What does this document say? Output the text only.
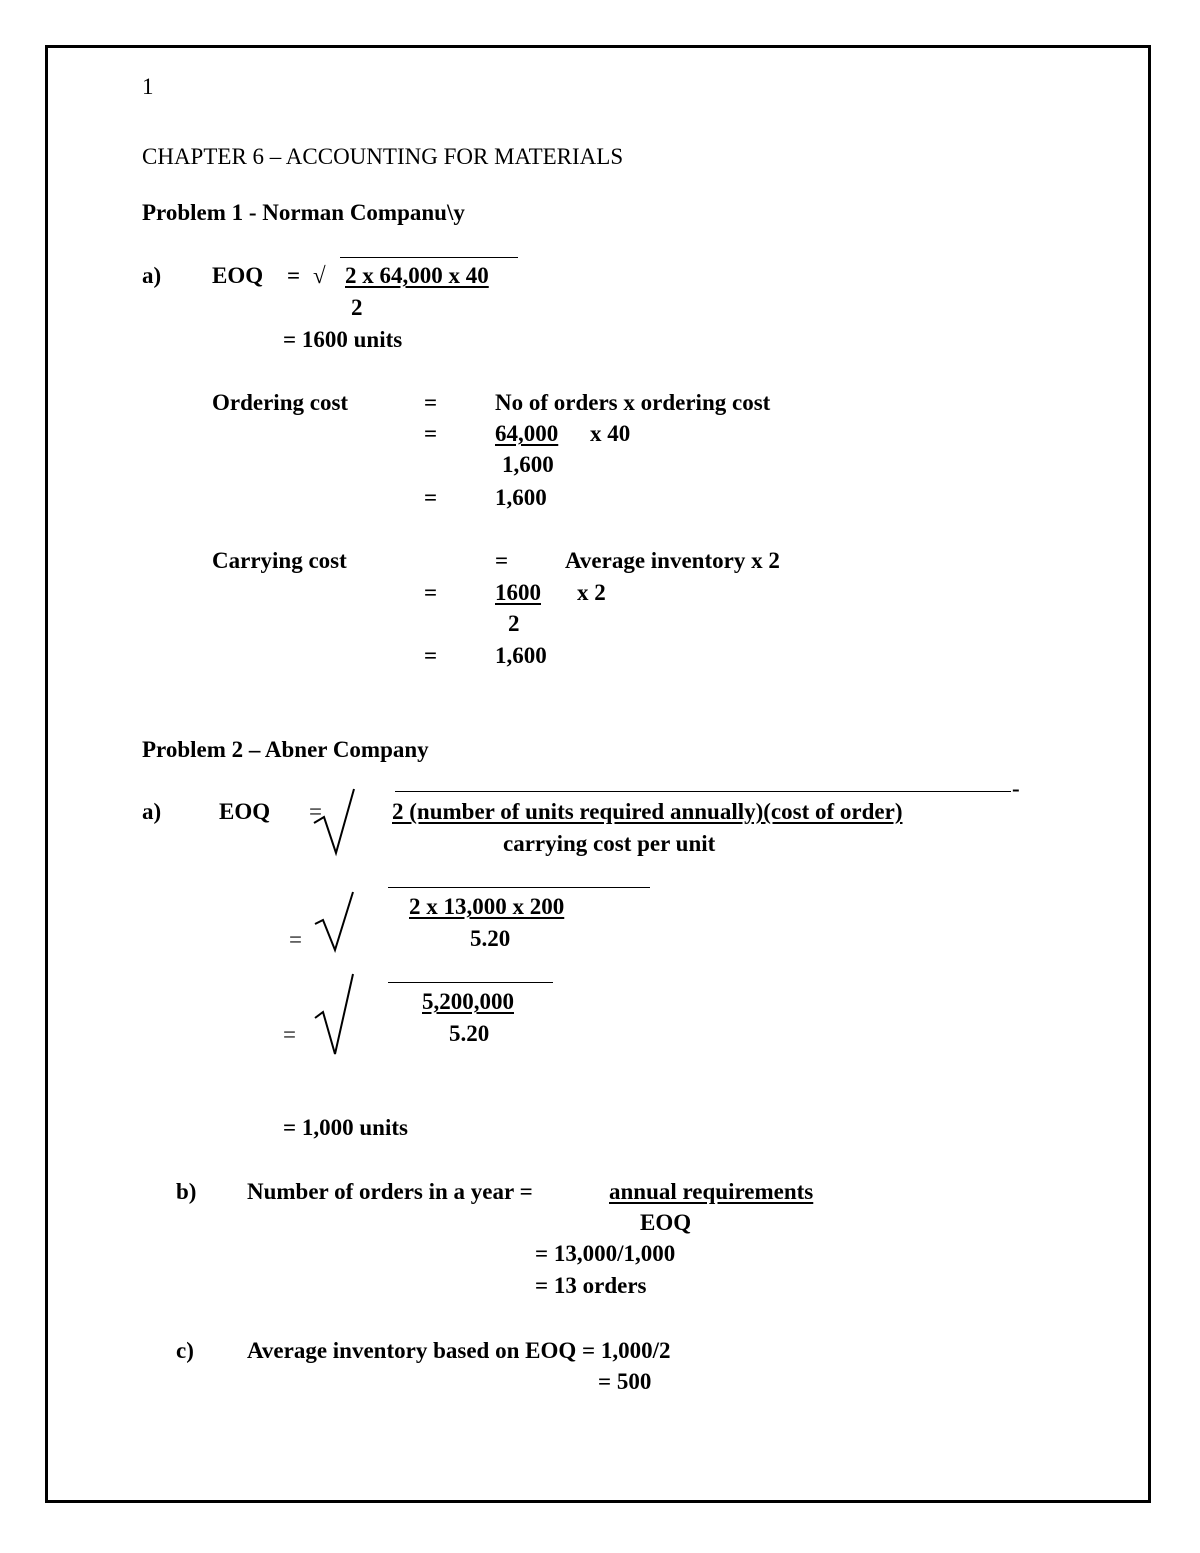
1
CHAPTER 6 – ACCOUNTING FOR MATERIALS
Problem 1 - Norman Companu\y
a) EOQ = √ 2 x 64,000 x 40
2
= 1600 units
Ordering cost	=	No of orders x ordering cost
=	64,000 x 40
1,600
=	1,600
Carrying cost	= Average inventory x 2
=	1600 x 2
2
=	1,600
Problem 2 – Abner Company
a)	EOQ =
-
2 (number of units required annually)(cost of order)
carrying cost per unit
=
2 x 13,000 x 200
5.20
=
5,200,000
5.20
= 1,000 units
b) Number of orders in a year =	annual requirements
EOQ
= 13,000/1,000
= 13 orders
c) Average inventory based on EOQ = 1,000/2
= 500
